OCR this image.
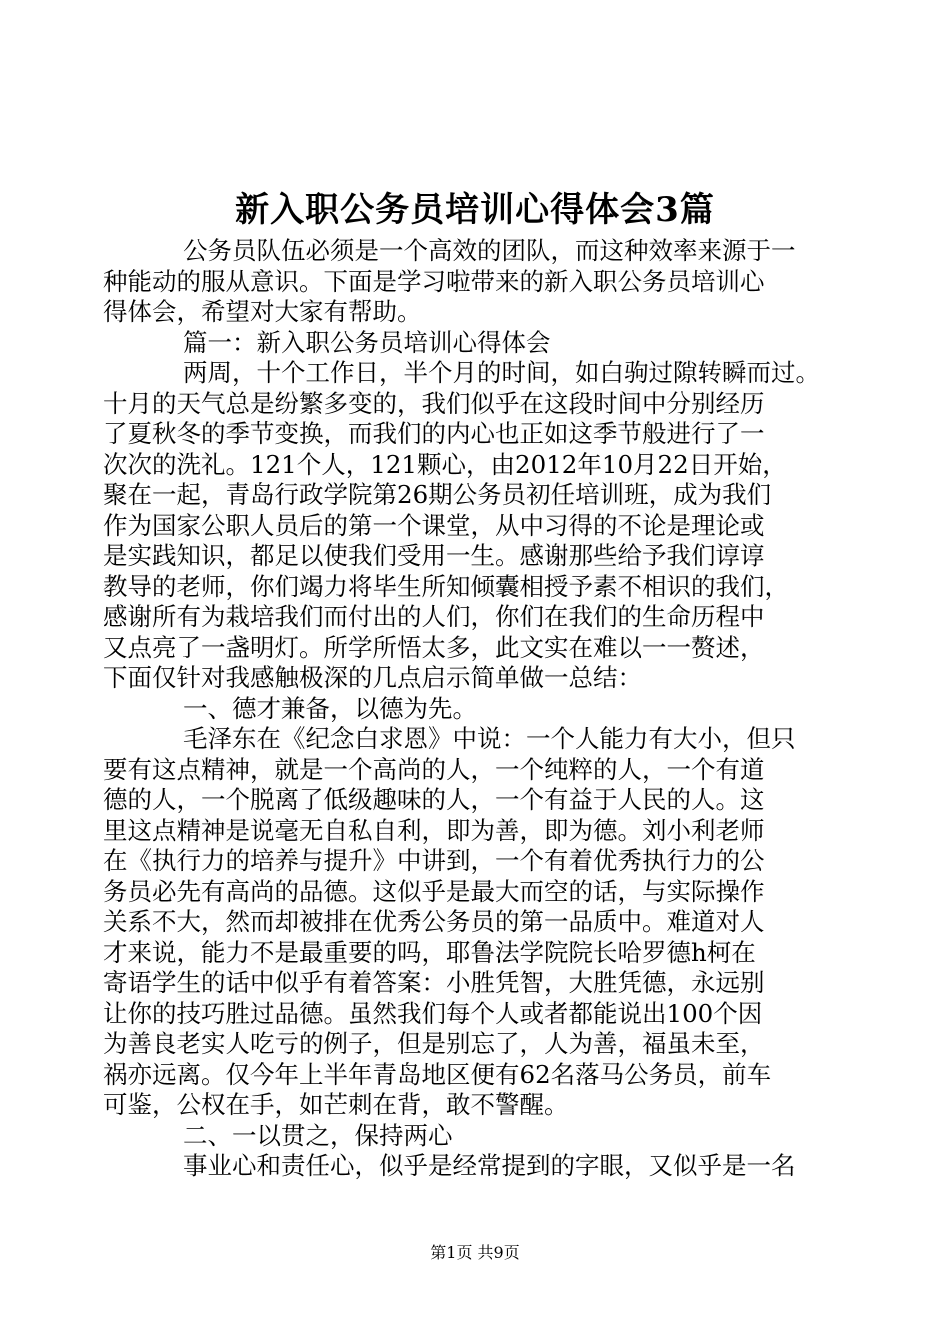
新入职公务员培训心得体会3篇
公务员队伍必须是一个高效的团队，而这种效率来源于一
种能动的服从意识。下面是学习啦带来的新入职公务员培训心
得体会，希望对大家有帮助。
篇一：新入职公务员培训心得体会
两周，十个工作日，半个月的时间，如白驹过隙转瞬而过。
十月的天气总是纷繁多变的，我们似乎在这段时间中分别经历
了夏秋冬的季节变换，而我们的内心也正如这季节般进行了一
次次的洗礼。121个人，121颗心，由2012年10月22日开始，
聚在一起，青岛行政学院第26期公务员初任培训班，成为我们
作为国家公职人员后的第一个课堂，从中习得的不论是理论或
是实践知识，都足以使我们受用一生。感谢那些给予我们谆谆
教导的老师，你们竭力将毕生所知倾囊相授予素不相识的我们，
感谢所有为栽培我们而付出的人们，你们在我们的生命历程中
又点亮了一盏明灯。所学所悟太多，此文实在难以一一赘述，
下面仅针对我感触极深的几点启示简单做一总结：
一、德才兼备，以德为先。
毛泽东在《纪念白求恩》中说：一个人能力有大小，但只
要有这点精神，就是一个高尚的人，一个纯粹的人，一个有道
德的人，一个脱离了低级趣味的人，一个有益于人民的人。这
里这点精神是说毫无自私自利，即为善，即为德。刘小利老师
在《执行力的培养与提升》中讲到，一个有着优秀执行力的公
务员必先有高尚的品德。这似乎是最大而空的话，与实际操作
关系不大，然而却被排在优秀公务员的第一品质中。难道对人
才来说，能力不是最重要的吗，耶鲁法学院院长哈罗德h柯在
寄语学生的话中似乎有着答案：小胜凭智，大胜凭德，永远别
让你的技巧胜过品德。虽然我们每个人或者都能说出100个因
为善良老实人吃亏的例子，但是别忘了，人为善，福虽未至，
祸亦远离。仅今年上半年青岛地区便有62名落马公务员，前车
可鉴，公权在手，如芒刺在背，敢不警醒。
二、一以贯之，保持两心
事业心和责任心，似乎是经常提到的字眼，又似乎是一名
第1页 共9页
